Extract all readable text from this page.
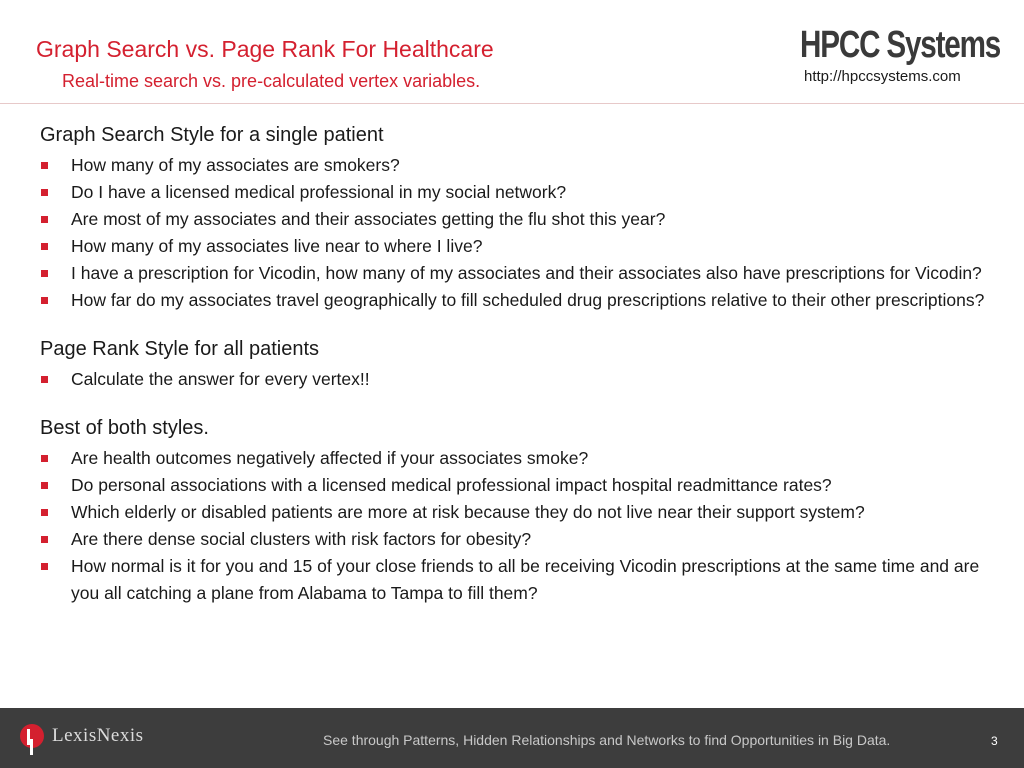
Graph Search vs. Page Rank For Healthcare
Real-time search vs. pre-calculated vertex variables.
HPCC Systems
http://hpccsystems.com
Graph Search Style for a single patient
How many of my associates are smokers?
Do I have a licensed medical professional in my social network?
Are most of my associates and their associates getting the flu shot this year?
How many of my associates live near to where I live?
I have a prescription for Vicodin, how many of my associates and their associates also have prescriptions for Vicodin?
How far do my associates travel geographically to fill scheduled drug prescriptions relative to their other prescriptions?
Page Rank Style for all patients
Calculate the answer for every vertex!!
Best of both styles.
Are health outcomes negatively affected if your associates smoke?
Do personal associations with a licensed medical professional impact hospital readmittance rates?
Which elderly or disabled patients are more at risk because they do not live near their support system?
Are there dense social clusters with risk factors for obesity?
How normal is it for you and 15 of your close friends to all be receiving Vicodin prescriptions at the same time and are you all catching a plane from Alabama to Tampa to fill them?
LexisNexis	See through Patterns, Hidden Relationships and Networks to find Opportunities in Big Data.	3
